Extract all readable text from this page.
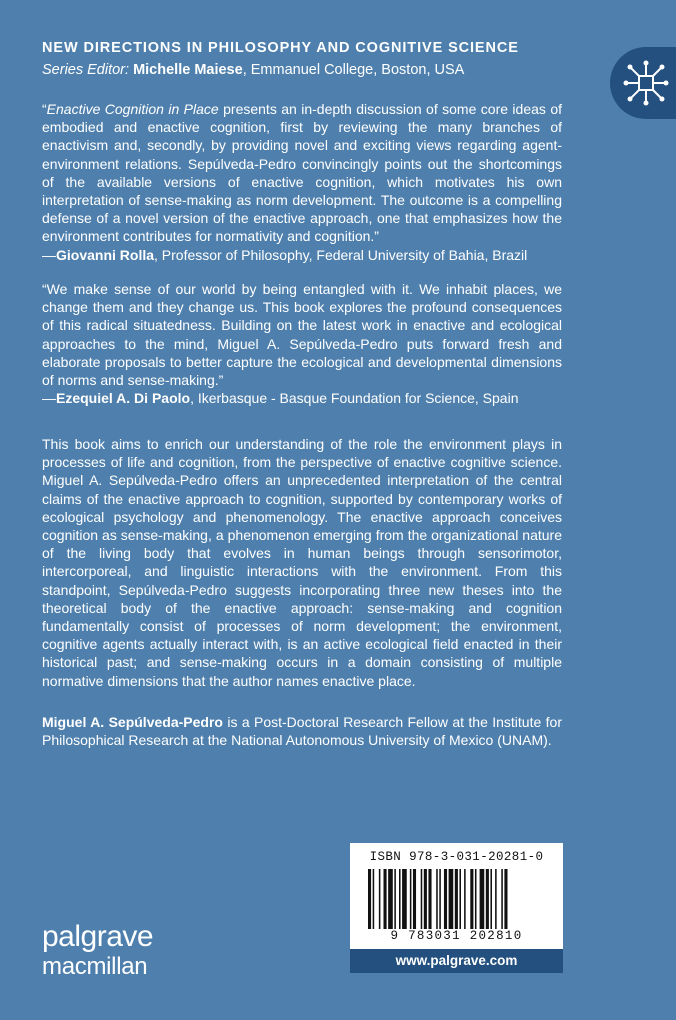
NEW DIRECTIONS IN PHILOSOPHY AND COGNITIVE SCIENCE
Series Editor: Michelle Maiese, Emmanuel College, Boston, USA
“Enactive Cognition in Place presents an in-depth discussion of some core ideas of embodied and enactive cognition, first by reviewing the many branches of enactivism and, secondly, by providing novel and exciting views regarding agent-environment relations. Sepúlveda-Pedro convincingly points out the shortcomings of the available versions of enactive cognition, which motivates his own interpretation of sense-making as norm development. The outcome is a compelling defense of a novel version of the enactive approach, one that emphasizes how the environment contributes for normativity and cognition.”
—Giovanni Rolla, Professor of Philosophy, Federal University of Bahia, Brazil
“We make sense of our world by being entangled with it. We inhabit places, we change them and they change us. This book explores the profound consequences of this radical situatedness. Building on the latest work in enactive and ecological approaches to the mind, Miguel A. Sepúlveda-Pedro puts forward fresh and elaborate proposals to better capture the ecological and developmental dimensions of norms and sense-making.”
—Ezequiel A. Di Paolo, Ikerbasque - Basque Foundation for Science, Spain
This book aims to enrich our understanding of the role the environment plays in processes of life and cognition, from the perspective of enactive cognitive science. Miguel A. Sepúlveda-Pedro offers an unprecedented interpretation of the central claims of the enactive approach to cognition, supported by contemporary works of ecological psychology and phenomenology. The enactive approach conceives cognition as sense-making, a phenomenon emerging from the organizational nature of the living body that evolves in human beings through sensorimotor, intercorporeal, and linguistic interactions with the environment. From this standpoint, Sepúlveda-Pedro suggests incorporating three new theses into the theoretical body of the enactive approach: sense-making and cognition fundamentally consist of processes of norm development; the environment, cognitive agents actually interact with, is an active ecological field enacted in their historical past; and sense-making occurs in a domain consisting of multiple normative dimensions that the author names enactive place.
Miguel A. Sepúlveda-Pedro is a Post-Doctoral Research Fellow at the Institute for Philosophical Research at the National Autonomous University of Mexico (UNAM).
ISBN 978-3-031-20281-0
9 783031 202810
www.palgrave.com
palgrave
macmillan
